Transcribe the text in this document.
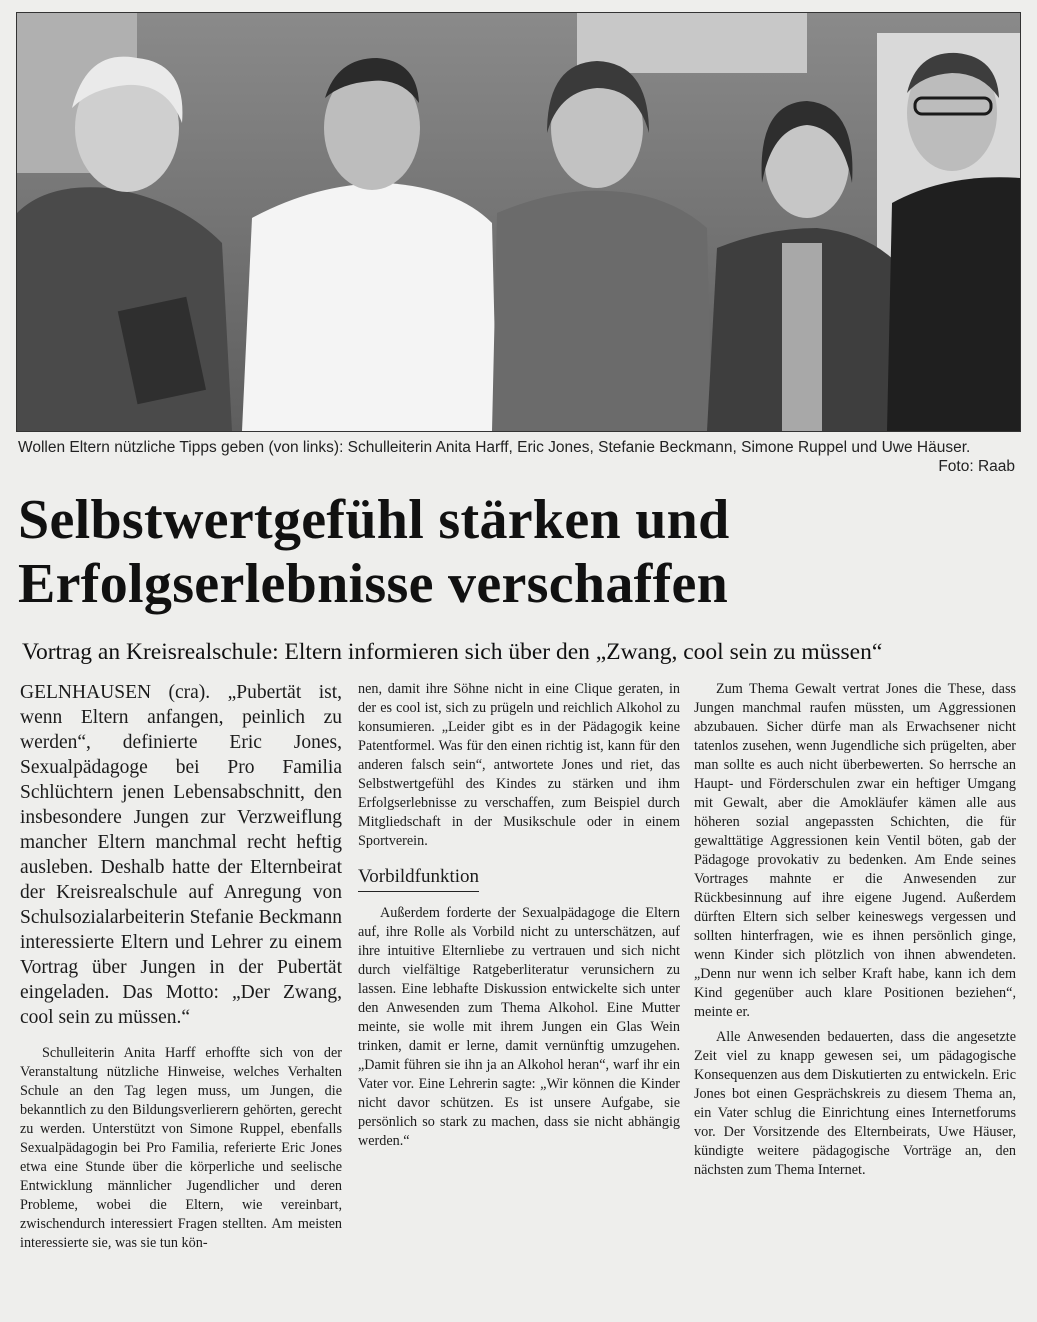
Wollen Eltern nützliche Tipps geben (von links): Schulleiterin Anita Harff, Eric Jones, Stefanie Beckmann, Simone Ruppel und Uwe Häuser.
Foto: Raab
Selbstwertgefühl stärken und
Erfolgserlebnisse verschaffen
Vortrag an Kreisrealschule: Eltern informieren sich über den „Zwang, cool sein zu müssen“

GELNHAUSEN (cra). „Pubertät ist, wenn Eltern anfangen, peinlich zu werden“, definierte Eric Jones, Sexualpädagoge bei Pro Familia Schlüchtern jenen Lebensabschnitt, den insbesondere Jungen zur Verzweiflung mancher Eltern manchmal recht heftig ausleben. Deshalb hatte der Elternbeirat der Kreisrealschule auf Anregung von Schulsozialarbeiterin Stefanie Beckmann interessierte Eltern und Lehrer zu einem Vortrag über Jungen in der Pubertät eingeladen. Das Motto: „Der Zwang, cool sein zu müssen.“

Schulleiterin Anita Harff erhoffte sich von der Veranstaltung nützliche Hinweise, welches Verhalten Schule an den Tag legen muss, um Jungen, die bekanntlich zu den Bildungsverlierern gehörten, gerecht zu werden. Unterstützt von Simone Ruppel, ebenfalls Sexualpädagogin bei Pro Familia, referierte Eric Jones etwa eine Stunde über die körperliche und seelische Entwicklung männlicher Jugendlicher und deren Probleme, wobei die Eltern, wie vereinbart, zwischendurch interessiert Fragen stellten. Am meisten interessierte sie, was sie tun kön-

nen, damit ihre Söhne nicht in eine Clique geraten, in der es cool ist, sich zu prügeln und reichlich Alkohol zu konsumieren. „Leider gibt es in der Pädagogik keine Patentformel. Was für den einen richtig ist, kann für den anderen falsch sein“, antwortete Jones und riet, das Selbstwertgefühl des Kindes zu stärken und ihm Erfolgserlebnisse zu verschaffen, zum Beispiel durch Mitgliedschaft in der Musikschule oder in einem Sportverein.

Vorbildfunktion

Außerdem forderte der Sexualpädagoge die Eltern auf, ihre Rolle als Vorbild nicht zu unterschätzen, auf ihre intuitive Elternliebe zu vertrauen und sich nicht durch vielfältige Ratgeberliteratur verunsichern zu lassen. Eine lebhafte Diskussion entwickelte sich unter den Anwesenden zum Thema Alkohol. Eine Mutter meinte, sie wolle mit ihrem Jungen ein Glas Wein trinken, damit er lerne, damit vernünftig umzugehen. „Damit führen sie ihn ja an Alkohol heran“, warf ihr ein Vater vor. Eine Lehrerin sagte: „Wir können die Kinder nicht davor schützen. Es ist unsere Aufgabe, sie persönlich so stark zu machen, dass sie nicht abhängig werden.“

Zum Thema Gewalt vertrat Jones die These, dass Jungen manchmal raufen müssten, um Aggressionen abzubauen. Sicher dürfe man als Erwachsener nicht tatenlos zusehen, wenn Jugendliche sich prügelten, aber man sollte es auch nicht überbewerten. So herrsche an Haupt- und Förderschulen zwar ein heftiger Umgang mit Gewalt, aber die Amokläufer kämen alle aus höheren sozial angepassten Schichten, die für gewalttätige Aggressionen kein Ventil böten, gab der Pädagoge provokativ zu bedenken. Am Ende seines Vortrages mahnte er die Anwesenden zur Rückbesinnung auf ihre eigene Jugend. Außerdem dürften Eltern sich selber keineswegs vergessen und sollten hinterfragen, wie es ihnen persönlich ginge, wenn Kinder sich plötzlich von ihnen abwendeten. „Denn nur wenn ich selber Kraft habe, kann ich dem Kind gegenüber auch klare Positionen beziehen“, meinte er.

Alle Anwesenden bedauerten, dass die angesetzte Zeit viel zu knapp gewesen sei, um pädagogische Konsequenzen aus dem Diskutierten zu entwickeln. Eric Jones bot einen Gesprächskreis zu diesem Thema an, ein Vater schlug die Einrichtung eines Internetforums vor. Der Vorsitzende des Elternbeirats, Uwe Häuser, kündigte weitere pädagogische Vorträge an, den nächsten zum Thema Internet.
